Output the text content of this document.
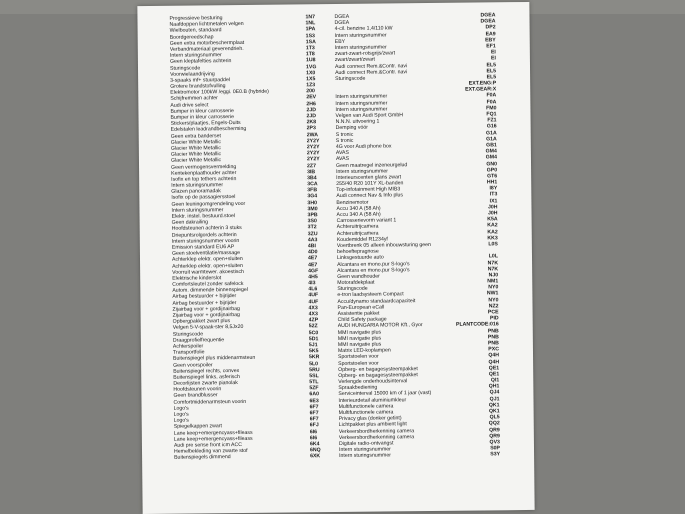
Progressieve besturing	1N7	DGEA	DGEA
Naafdoppen lichtmetalen velgen	1NL	DGEA	DGEA
Wielbouten, standaard	1PA	4-cil. benzine 1,4/110 kW	DP2
Boordgereedschap	1S3	Intern sturingsnummer	EA9
Geen extra motorbeschermplaat	1SA	EBY	EBY
Verbandmateriaal geverendrieh.	1T3	Intern sturingsnummer	EF1
Intern sturingsnummer	1T8	zwart-zwart-rotsgrijs/zwart	EI
Geen kleptafelties achterin	1U8	zwart/zwart/zwart	EI
Sturingscode	1VG	Audi connect Rem.&Contr. navi	EL5
Voorwielaandrijving	1X0	Audi connect Rem.&Contr. navi	EL5
3-spaaks mf+ stuurpaddel	1X5	Sturingscode	EL5
Grotere brandstofvulling	1Z3	EXT.ENG:P
Elektromotor 100kW /eggi. 0E0.B (hybride)	200	EXT.GEAR:X
Schijfremmen achter	2EV	Intern sturingsnummer	F0A
Audi drive select	2H6	Intern sturingsnummer	F0A
Bumper in kleur carrosserie	2JD	Intern sturingsnummer	FM0
Bumper in kleur carrosserie	2JD	Velgen van Audi Sport GmbH	FQ1
Stickers/plaatjes, Engels-Duits	2K8	N.N.N. uitvoering 1	FZ1
Edelstalen leadrandbescherming	2P3	Demping vóór	G16
Geen extra banderset	2WA	S tronic	G1A
Glacier White Metallic	2Y2Y	S tronic	G1A
Glacier White Metallic	2Y2Y	4G voor Audi phone box	GB1
Glacier White Metallic	2Y2Y	AVAS	GM4
Glacier White Metallic	2Y2Y	AVAS	GM4
Geen vermogensvermelding	2Z7	Geen maatregel inzeneurgelud	GN0
Kentekenplaathouder achter	3IB	Intern sturingsnummer	GP0
Isofix en top tethers achterin	3B4	Interieurscenten glans zwart	GT6
Intern sturingsnummer	3CA	255/40 R20 101Y XL-banden	HH1
Glazen panoramadak	3FB	Top-infotainment High MIB3	I8Y
Isofix op de passagiersstoel	3G4	Audi connect Nav & Info plus	IT3
Geen leuningomgrendeling voor	3H0	Benzinemotor	IX1
Intern sturingsnummer	3M0	Accu 340 A (58 Ah)	J0H
Elektr. instel. bestuurd.stoel	3PB	Accu 340 A (58 Ah)	J0H
Geen dakrailing	3S0	Carrosserievorm variant 1	K5A
Hoofdsteunen achterin 3 stuks	3T2	Achteruitrijcamera	KA2
Driepuntsrolgordels achterin	3ZU	Achteruitrijcamera	KA2
Intern sturingsnummer voorin	4A3	Koudemiddel R1234yf	KK3
Emission standard EU6 AP	4BI	Voertbrenk 05 alleen inbouwsturing geen	L0S
Geen stoelventilatie/massage	4D0	behoeftepragnose
Achterklep elektr. open+sluiten	4E7	Linksgestuurde auto	L0L
Achterklep elektr. open+sluiten	4E7	Alcantara en mono.pur S-logo's	N7K
Voorruit warmtewer. akoestisch	4GF	Alcantara en mono.pur S-logo's	N7K
Elektrische kinderslot	4H5	Geen wandhouder	NJ0
Comfortsleutel zonder safelock	4I3	Motorafdekplaat	NM1
Autom. dimmende binnenspiegel	4L6	Sturingscode	NY0
Airbag bestuurder + bijrijder	4UF	e-tron laadsysteem Compact	NW1
Airbag bestuurder + bijrijder	4UF	Accu/dynamo standaardcapaciteit	NY0
Zijairbag voor + gordijnairbag	4X3	Pan-European eCall	NZ2
Zijairbag voor + gordijnairbag	4X3	Assistentie pakket	PCE
Opbergpakket zwart plus	4ZP	Child Safety package	PID
Velgen 5-V-spaak-ster 8,5Jx20	52Z	AUDI HUNGARIA MOTOR Kft., Gyor	PLANTCODE:016
Sturingscode	5C0	MMI navigatie plus	PNB
Draagprofielfrequentie	5D1	MMI navigatie plus	PNB
Achterspoiler	5J1	MMI navigatie plus	PNB
Transportfolie	5K5	Matrix LED-koplampen	PXC
Buitenspiegel plus middenarmsteun	5KR	Sportstoelen voor	Q4H
Geen voorspoiler	5L0	Sportstoelen voor	Q4H
Buitenspiegel rechts, convex	5RU	Opberg- en bagagesysteempakket	QE1
Buitenspiegel links, asferisch	5SL	Opberg- en bagagesysteempakket	QE1
Decorlijsten zwarte pianolak	5TL	Verlengde onderhoudsinterval	QI1
Hoofdsteunen voorin	5ZF	Spraakbediening	QH1
Geen brandblusser	6A0	Serviceinterval 15000 km of 1 jaar (vast)	QJ4
Comfortmiddenarmsteun voorin	6E3	Interieurdetail aluminiumkleur	QJ1
Logo's	6F7	Multifunctionele camera	QK1
Logo's	6F7	Multifunctionele camera	QK1
Logo's	6F7	Privacy glas (donker getint)	QL5
Spiegelkappen zwart	6FJ	Lichtpakket plus ambient light	QQ2
Lane keep+emergencyass+fileass	6I6	Verkeersbordherkenning camera	QR9
Lane keep+emergencyass+fileass	6I6	Verkeersbordherkenning camera	QR9
Audi pre sense front icm ACC	6K4	Digitale radio-ontvangst	QV3
Hemelbekleding van zwarte stof	6NQ	Intern sturingsnummer	S0P
Buitenspiegels dimmend	6XK	Intern sturingsnummer	S3Y
